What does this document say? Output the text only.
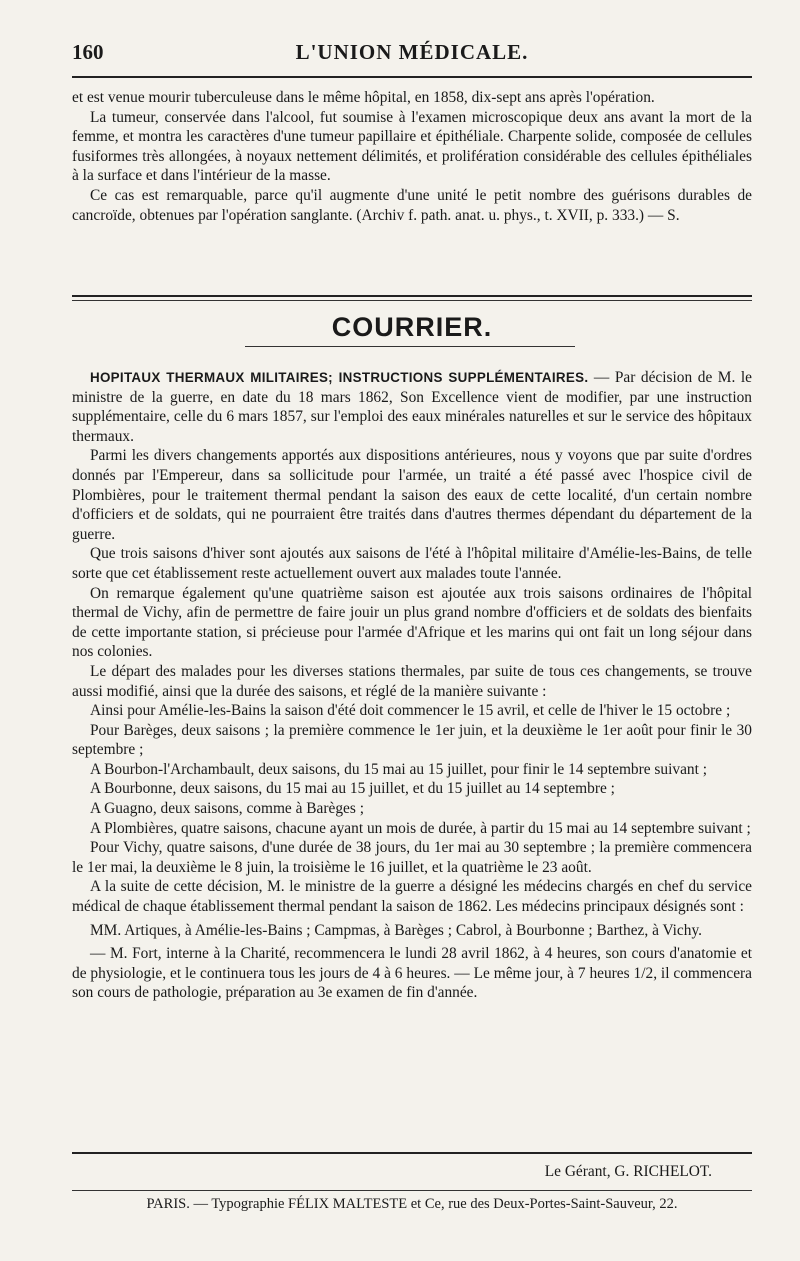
160	L'UNION MÉDICALE.

et est venue mourir tuberculeuse dans le même hôpital, en 1858, dix-sept ans après l'opération.

La tumeur, conservée dans l'alcool, fut soumise à l'examen microscopique deux ans avant la mort de la femme, et montra les caractères d'une tumeur papillaire et épithéliale. Charpente solide, composée de cellules fusiformes très allongées, à noyaux nettement délimités, et prolifération considérable des cellules épithéliales à la surface et dans l'intérieur de la masse.

Ce cas est remarquable, parce qu'il augmente d'une unité le petit nombre des guérisons durables de cancroïde, obtenues par l'opération sanglante. (Archiv f. path. anat. u. phys., t. XVII, p. 333.) — S.

COURRIER.

HOPITAUX THERMAUX MILITAIRES; INSTRUCTIONS SUPPLÉMENTAIRES. — Par décision de M. le ministre de la guerre, en date du 18 mars 1862, Son Excellence vient de modifier, par une instruction supplémentaire, celle du 6 mars 1857, sur l'emploi des eaux minérales naturelles et sur le service des hôpitaux thermaux.

Parmi les divers changements apportés aux dispositions antérieures, nous y voyons que par suite d'ordres donnés par l'Empereur, dans sa sollicitude pour l'armée, un traité a été passé avec l'hospice civil de Plombières, pour le traitement thermal pendant la saison des eaux de cette localité, d'un certain nombre d'officiers et de soldats, qui ne pourraient être traités dans d'autres thermes dépendant du département de la guerre.

Que trois saisons d'hiver sont ajoutés aux saisons de l'été à l'hôpital militaire d'Amélie-les-Bains, de telle sorte que cet établissement reste actuellement ouvert aux malades toute l'année.

On remarque également qu'une quatrième saison est ajoutée aux trois saisons ordinaires de l'hôpital thermal de Vichy, afin de permettre de faire jouir un plus grand nombre d'officiers et de soldats des bienfaits de cette importante station, si précieuse pour l'armée d'Afrique et les marins qui ont fait un long séjour dans nos colonies.

Le départ des malades pour les diverses stations thermales, par suite de tous ces changements, se trouve aussi modifié, ainsi que la durée des saisons, et réglé de la manière suivante :

Ainsi pour Amélie-les-Bains la saison d'été doit commencer le 15 avril, et celle de l'hiver le 15 octobre ;

Pour Barèges, deux saisons ; la première commence le 1er juin, et la deuxième le 1er août pour finir le 30 septembre ;

A Bourbon-l'Archambault, deux saisons, du 15 mai au 15 juillet, pour finir le 14 septembre suivant ;

A Bourbonne, deux saisons, du 15 mai au 15 juillet, et du 15 juillet au 14 septembre ;

A Guagno, deux saisons, comme à Barèges ;

A Plombières, quatre saisons, chacune ayant un mois de durée, à partir du 15 mai au 14 septembre suivant ;

Pour Vichy, quatre saisons, d'une durée de 38 jours, du 1er mai au 30 septembre ; la première commencera le 1er mai, la deuxième le 8 juin, la troisième le 16 juillet, et la quatrième le 23 août.

A la suite de cette décision, M. le ministre de la guerre a désigné les médecins chargés en chef du service médical de chaque établissement thermal pendant la saison de 1862. Les médecins principaux désignés sont :

MM. Artiques, à Amélie-les-Bains ; Campmas, à Barèges ; Cabrol, à Bourbonne ; Barthez, à Vichy.

— M. Fort, interne à la Charité, recommencera le lundi 28 avril 1862, à 4 heures, son cours d'anatomie et de physiologie, et le continuera tous les jours de 4 à 6 heures. — Le même jour, à 7 heures 1/2, il commencera son cours de pathologie, préparation au 3e examen de fin d'année.

Le Gérant, G. RICHELOT.
PARIS. — Typographie FÉLIX MALTESTE et Ce, rue des Deux-Portes-Saint-Sauveur, 22.
